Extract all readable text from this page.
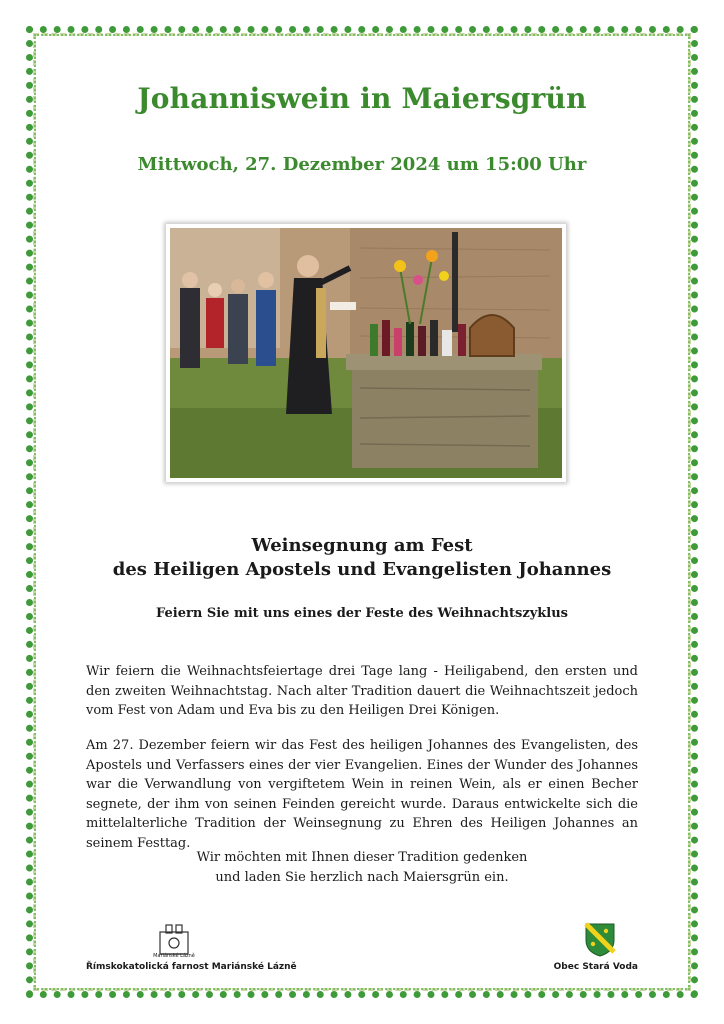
Johanniswein in Maiersgrün
Mittwoch, 27. Dezember 2024 um 15:00 Uhr
Weinsegnung am Fest
des Heiligen Apostels und Evangelisten Johannes
Feiern Sie mit uns eines der Feste des Weihnachtszyklus

Wir feiern die Weihnachtsfeiertage drei Tage lang - Heiligabend, den ersten und den zweiten Weihnachtstag. Nach alter Tradition dauert die Weihnachtszeit jedoch vom Fest von Adam und Eva bis zu den Heiligen Drei Königen.

Am 27. Dezember feiern wir das Fest des heiligen Johannes des Evangelisten, des Apostels und Verfassers eines der vier Evangelien. Eines der Wunder des Johannes war die Verwandlung von vergiftetem Wein in reinen Wein, als er einen Becher segnete, der ihm von seinen Feinden gereicht wurde. Daraus entwickelte sich die mittelalterliche Tradition der Weinsegnung zu Ehren des Heiligen Johannes an seinem Festtag.

Wir möchten mit Ihnen dieser Tradition gedenken
und laden Sie herzlich nach Maiersgrün ein.
Mariánské Lázně
Římskokatolická farnost Mariánské Lázně	Obec Stará Voda
